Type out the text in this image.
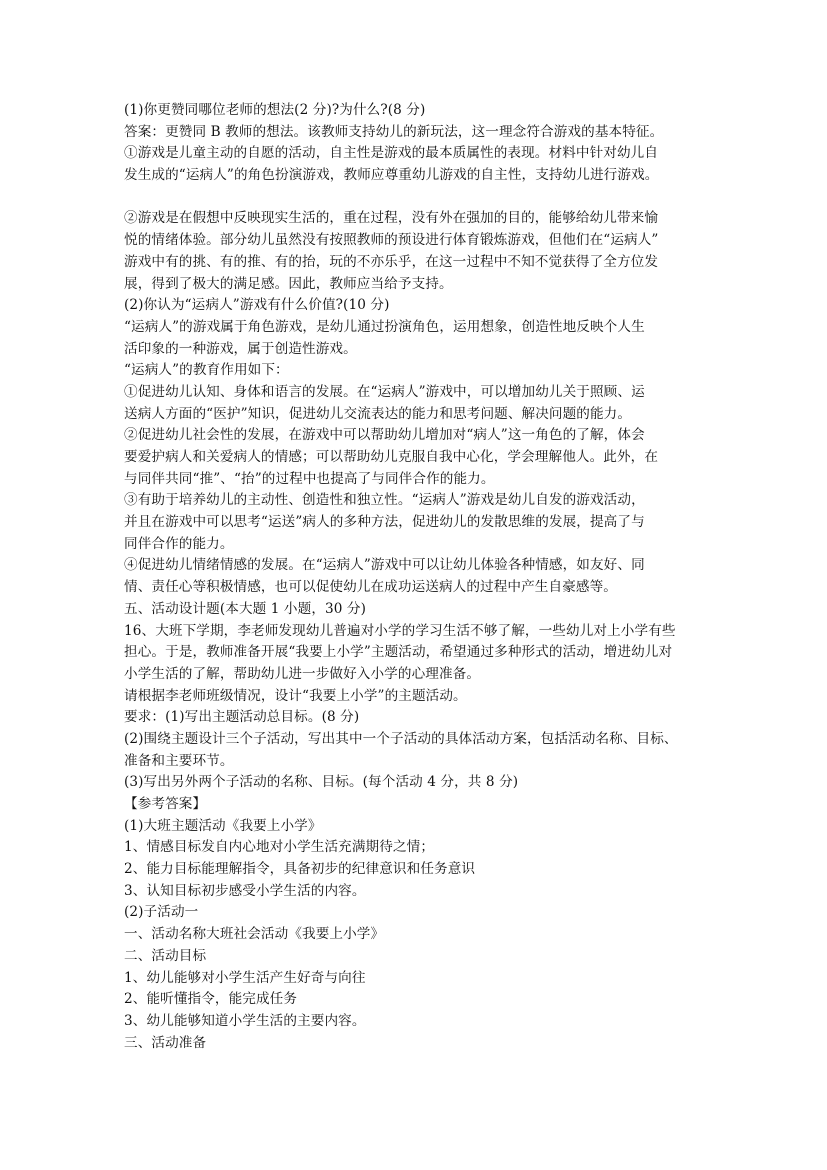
(1)你更赞同哪位老师的想法(2 分)?为什么?(8 分)
答案：更赞同 B 教师的想法。该教师支持幼儿的新玩法，这一理念符合游戏的基本特征。
①游戏是儿童主动的自愿的活动，自主性是游戏的最本质属性的表现。材料中针对幼儿自
发生成的“运病人”的角色扮演游戏，教师应尊重幼儿游戏的自主性，支持幼儿进行游戏。
②游戏是在假想中反映现实生活的，重在过程，没有外在强加的目的，能够给幼儿带来愉
悦的情绪体验。部分幼儿虽然没有按照教师的预设进行体育锻炼游戏，但他们在“运病人”
游戏中有的挑、有的推、有的抬，玩的不亦乐乎，在这一过程中不知不觉获得了全方位发
展，得到了极大的满足感。因此，教师应当给予支持。
(2)你认为“运病人”游戏有什么价值?(10 分)
“运病人”的游戏属于角色游戏，是幼儿通过扮演角色，运用想象，创造性地反映个人生
活印象的一种游戏，属于创造性游戏。
“运病人”的教育作用如下：
①促进幼儿认知、身体和语言的发展。在“运病人”游戏中，可以增加幼儿关于照顾、运
送病人方面的“医护”知识，促进幼儿交流表达的能力和思考问题、解决问题的能力。
②促进幼儿社会性的发展，在游戏中可以帮助幼儿增加对“病人”这一角色的了解，体会
要爱护病人和关爱病人的情感；可以帮助幼儿克服自我中心化，学会理解他人。此外，在
与同伴共同“推”、“抬”的过程中也提高了与同伴合作的能力。
③有助于培养幼儿的主动性、创造性和独立性。“运病人”游戏是幼儿自发的游戏活动，
并且在游戏中可以思考“运送”病人的多种方法，促进幼儿的发散思维的发展，提高了与
同伴合作的能力。
④促进幼儿情绪情感的发展。在“运病人”游戏中可以让幼儿体验各种情感，如友好、同
情、责任心等积极情感，也可以促使幼儿在成功运送病人的过程中产生自豪感等。
五、活动设计题(本大题 1 小题，30 分)
16、大班下学期，李老师发现幼儿普遍对小学的学习生活不够了解，一些幼儿对上小学有些
担心。于是，教师准备开展“我要上小学”主题活动，希望通过多种形式的活动，增进幼儿对
小学生活的了解，帮助幼儿进一步做好入小学的心理准备。
请根据李老师班级情况，设计“我要上小学”的主题活动。
要求：(1)写出主题活动总目标。(8 分)
(2)围绕主题设计三个子活动，写出其中一个子活动的具体活动方案，包括活动名称、目标、
准备和主要环节。
(3)写出另外两个子活动的名称、目标。(每个活动 4 分，共 8 分)
【参考答案】
(1)大班主题活动《我要上小学》
1、情感目标发自内心地对小学生活充满期待之情；
2、能力目标能理解指令，具备初步的纪律意识和任务意识
3、认知目标初步感受小学生活的内容。
(2)子活动一
一、活动名称大班社会活动《我要上小学》
二、活动目标
1、幼儿能够对小学生活产生好奇与向往
2、能听懂指令，能完成任务
3、幼儿能够知道小学生活的主要内容。
三、活动准备
